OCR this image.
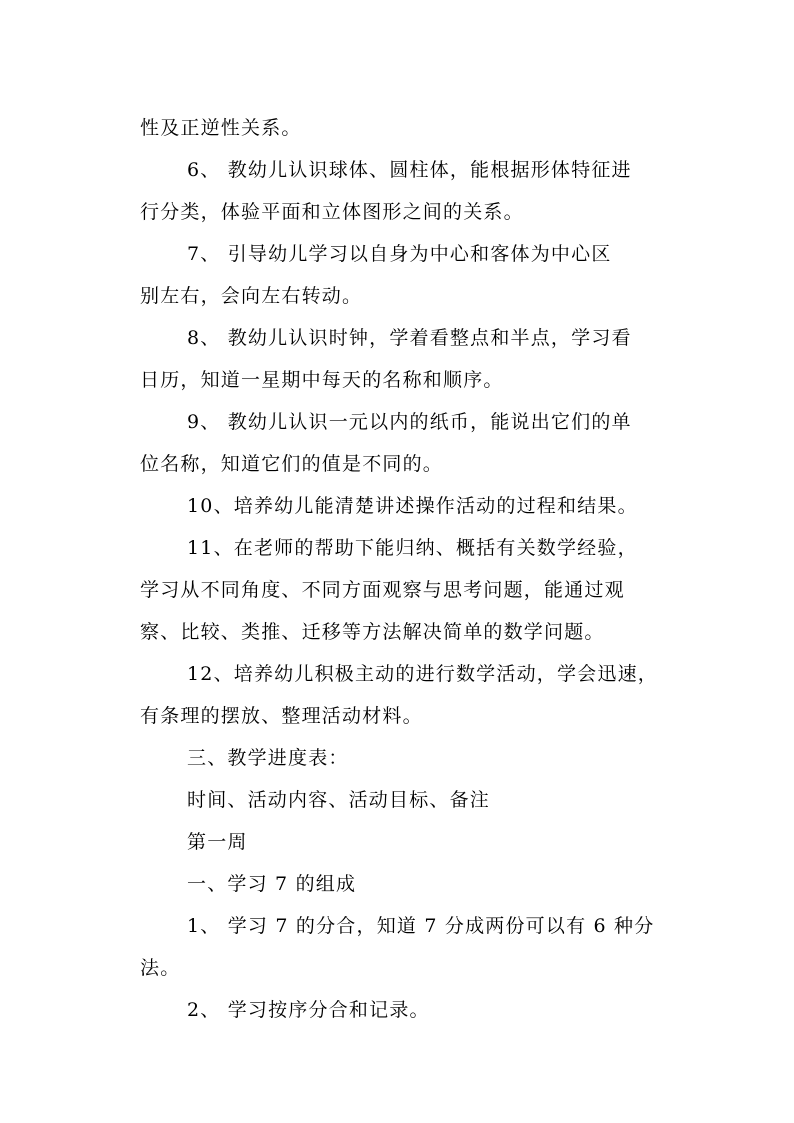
性及正逆性关系。
6、 教幼儿认识球体、圆柱体，能根据形体特征进
行分类，体验平面和立体图形之间的关系。
7、 引导幼儿学习以自身为中心和客体为中心区
别左右，会向左右转动。
8、 教幼儿认识时钟，学着看整点和半点，学习看
日历，知道一星期中每天的名称和顺序。
9、 教幼儿认识一元以内的纸币，能说出它们的单
位名称，知道它们的值是不同的。
10、培养幼儿能清楚讲述操作活动的过程和结果。
11、在老师的帮助下能归纳、概括有关数学经验，
学习从不同角度、不同方面观察与思考问题，能通过观
察、比较、类推、迁移等方法解决简单的数学问题。
12、培养幼儿积极主动的进行数学活动，学会迅速，
有条理的摆放、整理活动材料。
三、教学进度表：
时间、活动内容、活动目标、备注
第一周
一、学习 7 的组成
1、 学习 7 的分合，知道 7 分成两份可以有 6 种分
法。
2、 学习按序分合和记录。
